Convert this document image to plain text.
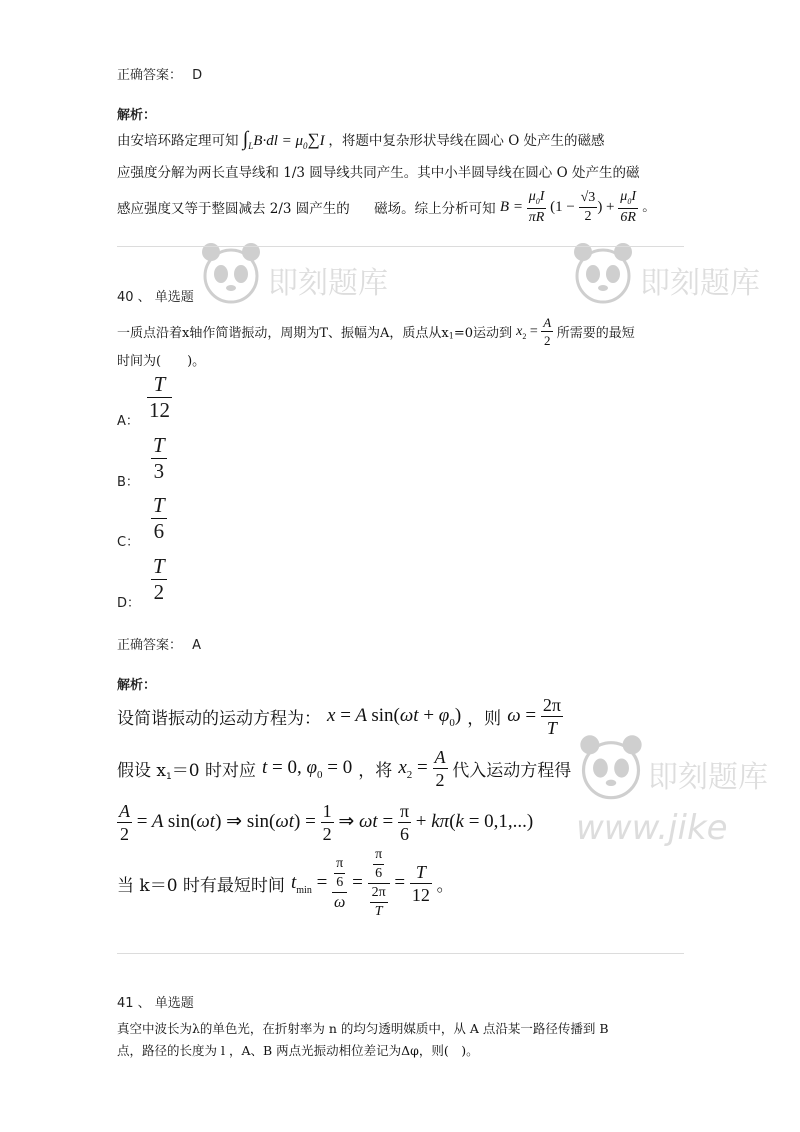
即刻题库	即刻题库
即刻题库
www.jike
正确答案： D
解析：
由安培环路定理可知 $\int_LB\cdot dl = \mu_0\sum I$ ，将题中复杂形状导线在圆心 O 处产生的磁感
应强度分解为两长直导线和 1/3 圆导线共同产生。其中小半圆导线在圆心 O 处产生的磁
感应强度又等于整圆减去 2/3 圆产生的 磁场。综上分析可知 $B = \frac{\mu_0I}{\pi R} (1 - \frac{√3}{2}$ ) + $\frac{\mu_0I}{6R}$ 。
40 、 单选题
一质点沿着x轴作简谐振动，周期为T、振幅为A，质点从$x_1=0$运动到 $x_2 = \frac{A}{2}$ 所需要的最短
时间为(　　)。
A：
T
12
B：
T
3
C：
T
6
D：
T
2
正确答案： A
解析：
设简谐振动的运动方程为： x = A $\sin(\omega t + \varphi_0)$ ，则 $\omega = \frac{2\pi}{T}$
假设 $x_1=0$ 时对应 t = 0, $\varphi_0 = 0$ ，将 $x_2 = \frac{A}{2}$ 代入运动方程得
$\frac{A}{2} = A$ sin(ωt) ⇒ $\sin(\omega t) = \frac{1}{2}$ ⇒ $\omega t = \frac{\pi}{6} + k\pi(k = 0,1,...)$
当 k＝0 时有最短时间 $t_{min} = \frac{\frac{\pi}{6}}{\omega} = \frac{\frac{\pi}{6}}{\frac{2\pi}{T}} = \frac{T}{12}$ 。
41 、 单选题
真空中波长为λ的单色光，在折射率为 n 的均匀透明媒质中，从 A 点沿某一路径传播到 B
点，路径的长度为 l ，A、B 两点光振动相位差记为Δφ，则(　)。
